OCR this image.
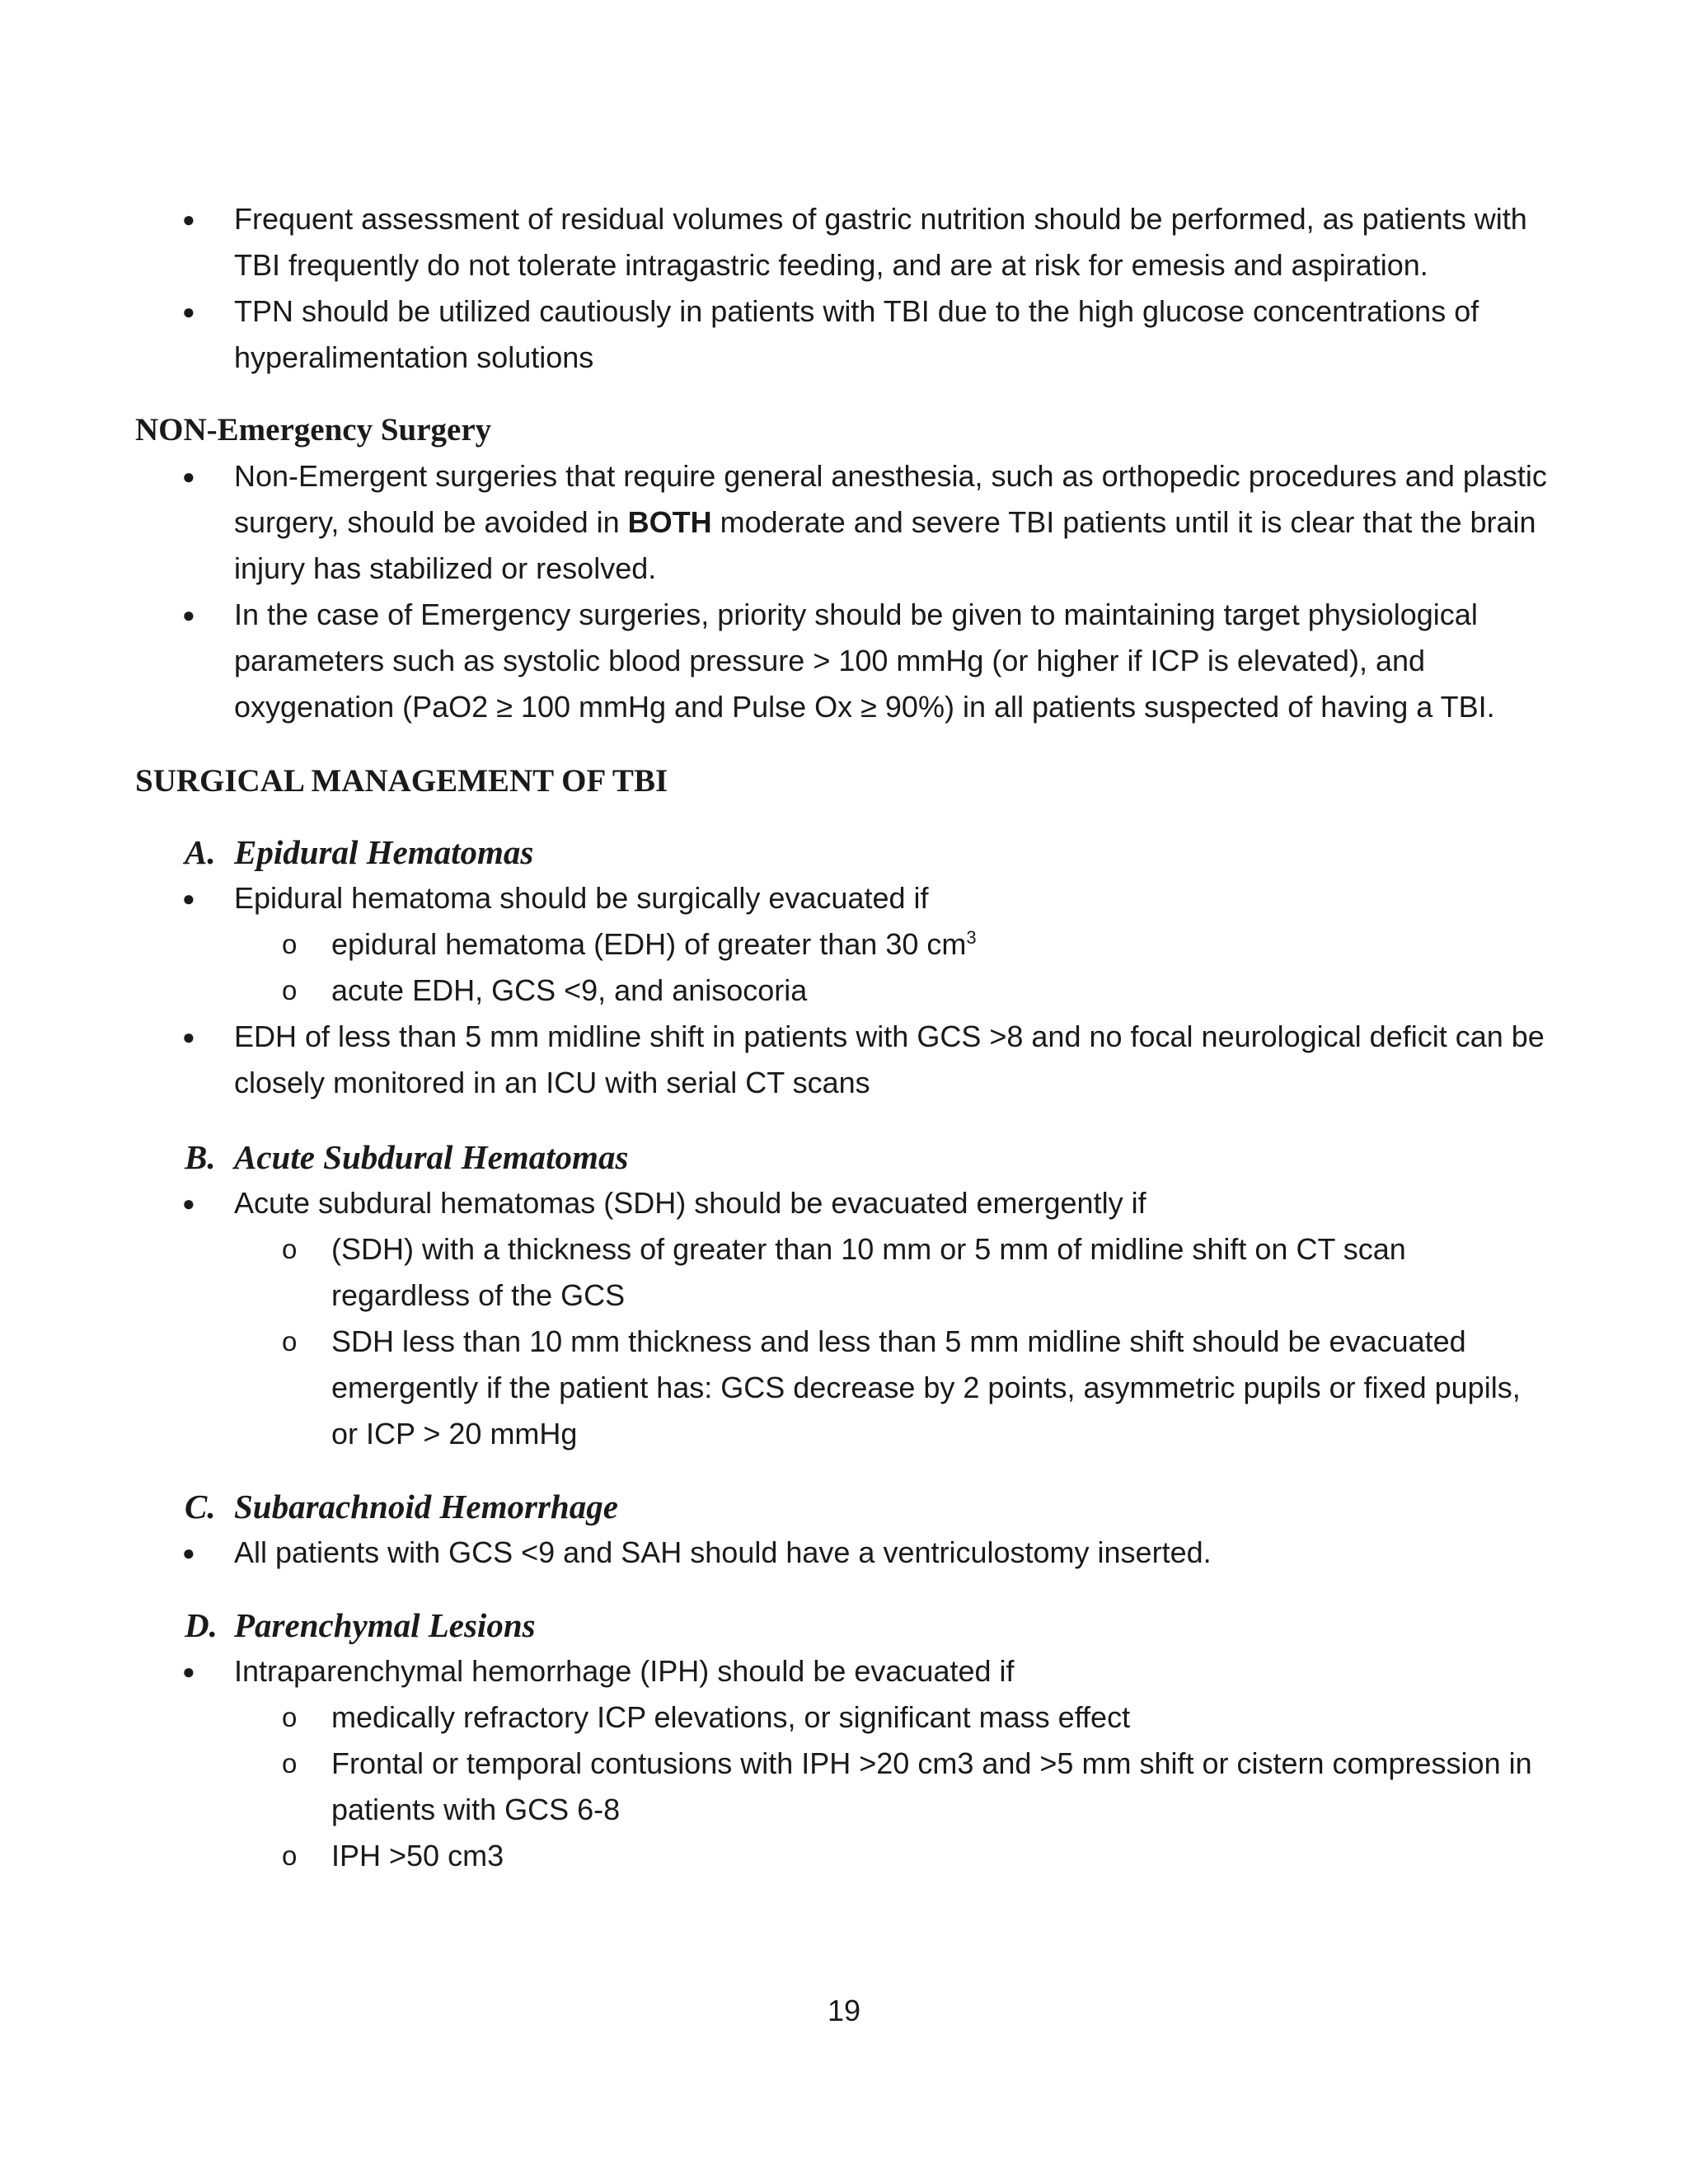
● Frequent assessment of residual volumes of gastric nutrition should be performed, as patients with TBI frequently do not tolerate intragastric feeding, and are at risk for emesis and aspiration.

● TPN should be utilized cautiously in patients with TBI due to the high glucose concentrations of hyperalimentation solutions

NON-Emergency Surgery

● Non-Emergent surgeries that require general anesthesia, such as orthopedic procedures and plastic surgery, should be avoided in BOTH moderate and severe TBI patients until it is clear that the brain injury has stabilized or resolved.

● In the case of Emergency surgeries, priority should be given to maintaining target physiological parameters such as systolic blood pressure > 100 mmHg (or higher if ICP is elevated), and oxygenation (PaO2 ≥ 100 mmHg and Pulse Ox ≥ 90%) in all patients suspected of having a TBI.

SURGICAL MANAGEMENT OF TBI
A. Epidural Hematomas

● Epidural hematoma should be surgically evacuated if

o epidural hematoma (EDH) of greater than 30 $cm^3$

o acute EDH, GCS <9, and anisocoria

● EDH of less than 5 mm midline shift in patients with GCS >8 and no focal neurological deficit can be closely monitored in an ICU with serial CT scans

B. Acute Subdural Hematomas

● Acute subdural hematomas (SDH) should be evacuated emergently if

o (SDH) with a thickness of greater than 10 mm or 5 mm of midline shift on CT scan regardless of the GCS

o SDH less than 10 mm thickness and less than 5 mm midline shift should be evacuated emergently if the patient has: GCS decrease by 2 points, asymmetric pupils or fixed pupils, or ICP > 20 mmHg

C. Subarachnoid Hemorrhage

● All patients with GCS <9 and SAH should have a ventriculostomy inserted.

D. Parenchymal Lesions

● Intraparenchymal hemorrhage (IPH) should be evacuated if

o medically refractory ICP elevations, or significant mass effect

o Frontal or temporal contusions with IPH >20 cm3 and >5 mm shift or cistern compression in patients with GCS 6-8

o IPH >50 cm3

19
